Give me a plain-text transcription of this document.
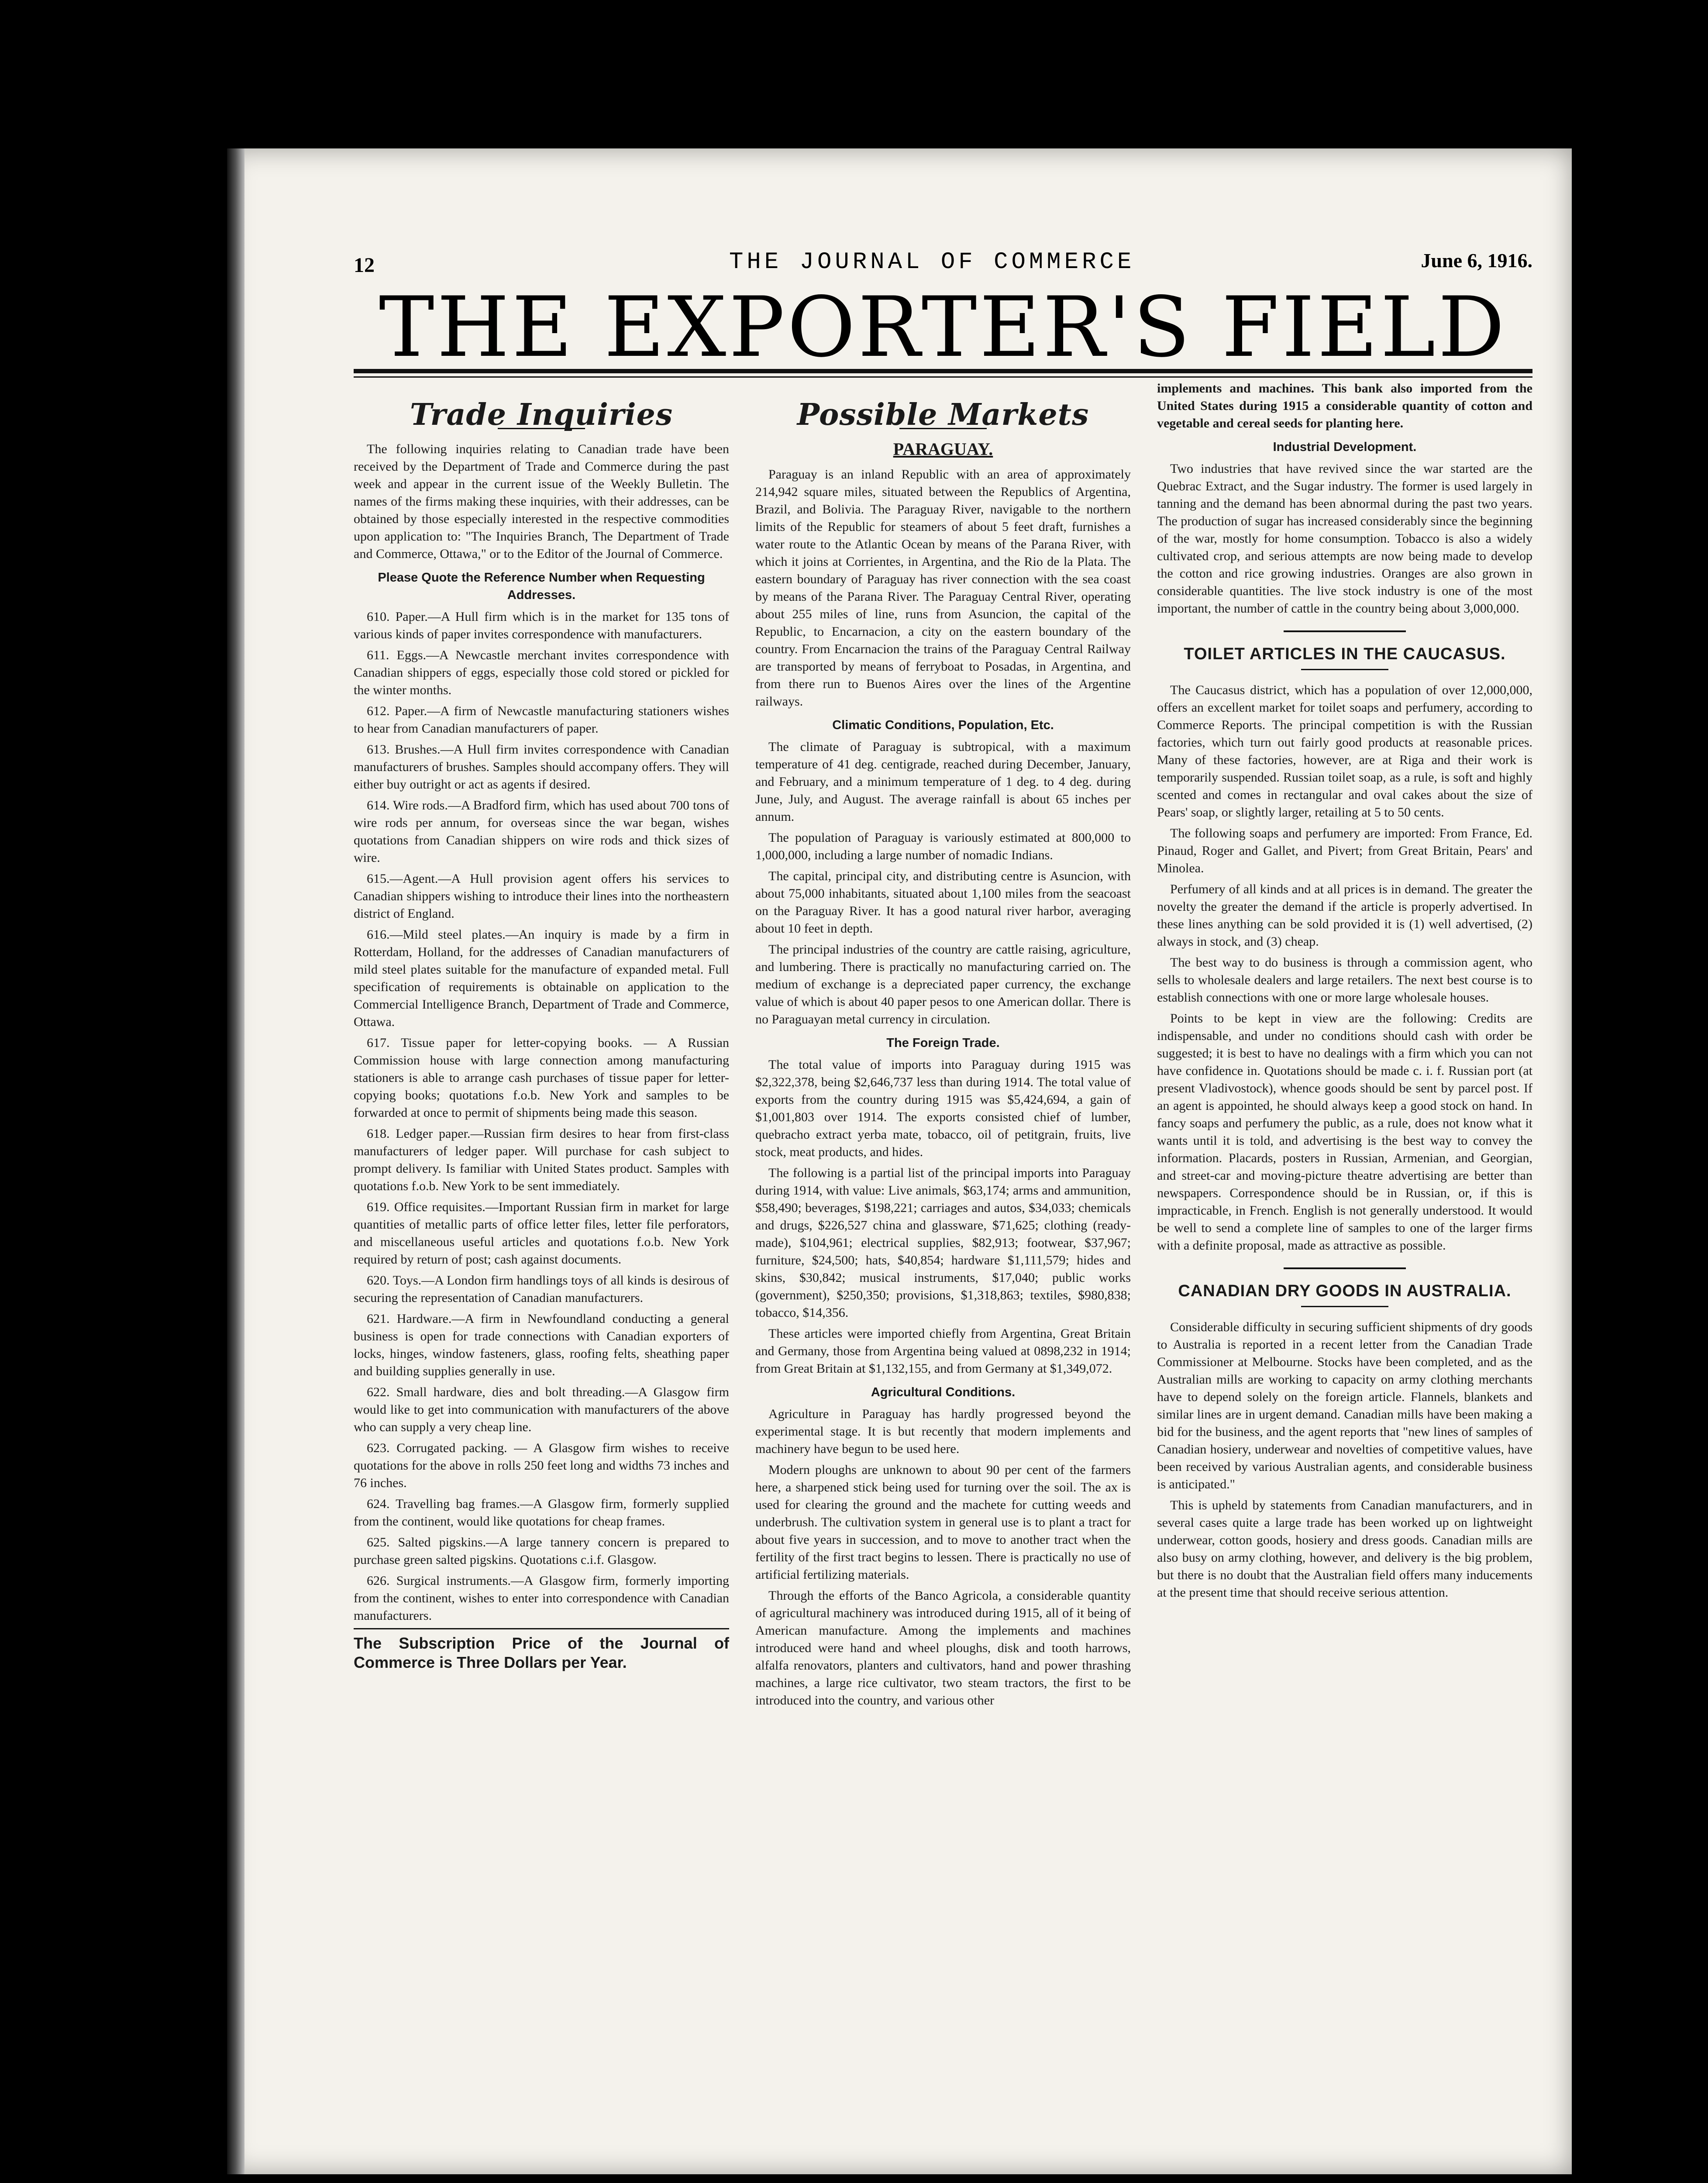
12	THE JOURNAL OF COMMERCE	June 6, 1916.
THE EXPORTER'S FIELD
Trade Inquiries

The following inquiries relating to Canadian trade have been received by the Department of Trade and Commerce during the past week and appear in the current issue of the Weekly Bulletin. The names of the firms making these inquiries, with their addresses, can be obtained by those especially interested in the respective commodities upon application to: "The Inquiries Branch, The Department of Trade and Commerce, Ottawa," or to the Editor of the Journal of Commerce.

Please Quote the Reference Number when Requesting Addresses.

610. Paper.—A Hull firm which is in the market for 135 tons of various kinds of paper invites correspondence with manufacturers.

611. Eggs.—A Newcastle merchant invites correspondence with Canadian shippers of eggs, especially those cold stored or pickled for the winter months.

612. Paper.—A firm of Newcastle manufacturing stationers wishes to hear from Canadian manufacturers of paper.

613. Brushes.—A Hull firm invites correspondence with Canadian manufacturers of brushes. Samples should accompany offers. They will either buy outright or act as agents if desired.

614. Wire rods.—A Bradford firm, which has used about 700 tons of wire rods per annum, for overseas since the war began, wishes quotations from Canadian shippers on wire rods and thick sizes of wire.

615.—Agent.—A Hull provision agent offers his services to Canadian shippers wishing to introduce their lines into the northeastern district of England.

616.—Mild steel plates.—An inquiry is made by a firm in Rotterdam, Holland, for the addresses of Canadian manufacturers of mild steel plates suitable for the manufacture of expanded metal. Full specification of requirements is obtainable on application to the Commercial Intelligence Branch, Department of Trade and Commerce, Ottawa.

617. Tissue paper for letter-copying books. — A Russian Commission house with large connection among manufacturing stationers is able to arrange cash purchases of tissue paper for letter-copying books; quotations f.o.b. New York and samples to be forwarded at once to permit of shipments being made this season.

618. Ledger paper.—Russian firm desires to hear from first-class manufacturers of ledger paper. Will purchase for cash subject to prompt delivery. Is familiar with United States product. Samples with quotations f.o.b. New York to be sent immediately.

619. Office requisites.—Important Russian firm in market for large quantities of metallic parts of office letter files, letter file perforators, and miscellaneous useful articles and quotations f.o.b. New York required by return of post; cash against documents.

620. Toys.—A London firm handlings toys of all kinds is desirous of securing the representation of Canadian manufacturers.

621. Hardware.—A firm in Newfoundland conducting a general business is open for trade connections with Canadian exporters of locks, hinges, window fasteners, glass, roofing felts, sheathing paper and building supplies generally in use.

622. Small hardware, dies and bolt threading.—A Glasgow firm would like to get into communication with manufacturers of the above who can supply a very cheap line.

623. Corrugated packing. — A Glasgow firm wishes to receive quotations for the above in rolls 250 feet long and widths 73 inches and 76 inches.

624. Travelling bag frames.—A Glasgow firm, formerly supplied from the continent, would like quotations for cheap frames.

625. Salted pigskins.—A large tannery concern is prepared to purchase green salted pigskins. Quotations c.i.f. Glasgow.

626. Surgical instruments.—A Glasgow firm, formerly importing from the continent, wishes to enter into correspondence with Canadian manufacturers.

The Subscription Price of the Journal of Commerce is Three Dollars per Year.

Possible Markets
PARAGUAY.

Paraguay is an inland Republic with an area of approximately 214,942 square miles, situated between the Republics of Argentina, Brazil, and Bolivia. The Paraguay River, navigable to the northern limits of the Republic for steamers of about 5 feet draft, furnishes a water route to the Atlantic Ocean by means of the Parana River, with which it joins at Corrientes, in Argentina, and the Rio de la Plata. The eastern boundary of Paraguay has river connection with the sea coast by means of the Parana River. The Paraguay Central River, operating about 255 miles of line, runs from Asuncion, the capital of the Republic, to Encarnacion, a city on the eastern boundary of the country. From Encarnacion the trains of the Paraguay Central Railway are transported by means of ferryboat to Posadas, in Argentina, and from there run to Buenos Aires over the lines of the Argentine railways.

Climatic Conditions, Population, Etc.

The climate of Paraguay is subtropical, with a maximum temperature of 41 deg. centigrade, reached during December, January, and February, and a minimum temperature of 1 deg. to 4 deg. during June, July, and August. The average rainfall is about 65 inches per annum.

The population of Paraguay is variously estimated at 800,000 to 1,000,000, including a large number of nomadic Indians.

The capital, principal city, and distributing centre is Asuncion, with about 75,000 inhabitants, situated about 1,100 miles from the seacoast on the Paraguay River. It has a good natural river harbor, averaging about 10 feet in depth.

The principal industries of the country are cattle raising, agriculture, and lumbering. There is practically no manufacturing carried on. The medium of exchange is a depreciated paper currency, the exchange value of which is about 40 paper pesos to one American dollar. There is no Paraguayan metal currency in circulation.

The Foreign Trade.

The total value of imports into Paraguay during 1915 was $2,322,378, being $2,646,737 less than during 1914. The total value of exports from the country during 1915 was $5,424,694, a gain of $1,001,803 over 1914. The exports consisted chief of lumber, quebracho extract yerba mate, tobacco, oil of petitgrain, fruits, live stock, meat products, and hides.

The following is a partial list of the principal imports into Paraguay during 1914, with value: Live animals, $63,174; arms and ammunition, $58,490; beverages, $198,221; carriages and autos, $34,033; chemicals and drugs, $226,527 china and glassware, $71,625; clothing (ready-made), $104,961; electrical supplies, $82,913; footwear, $37,967; furniture, $24,500; hats, $40,854; hardware $1,111,579; hides and skins, $30,842; musical instruments, $17,040; public works (government), $250,350; provisions, $1,318,863; textiles, $980,838; tobacco, $14,356.

These articles were imported chiefly from Argentina, Great Britain and Germany, those from Argentina being valued at 0898,232 in 1914; from Great Britain at $1,132,155, and from Germany at $1,349,072.

Agricultural Conditions.

Agriculture in Paraguay has hardly progressed beyond the experimental stage. It is but recently that modern implements and machinery have begun to be used here.

Modern ploughs are unknown to about 90 per cent of the farmers here, a sharpened stick being used for turning over the soil. The ax is used for clearing the ground and the machete for cutting weeds and underbrush. The cultivation system in general use is to plant a tract for about five years in succession, and to move to another tract when the fertility of the first tract begins to lessen. There is practically no use of artificial fertilizing materials.

Through the efforts of the Banco Agricola, a considerable quantity of agricultural machinery was introduced during 1915, all of it being of American manufacture. Among the implements and machines introduced were hand and wheel ploughs, disk and tooth harrows, alfalfa renovators, planters and cultivators, hand and power thrashing machines, a large rice cultivator, two steam tractors, the first to be introduced into the country, and various other

implements and machines. This bank also imported from the United States during 1915 a considerable quantity of cotton and vegetable and cereal seeds for planting here.

Industrial Development.

Two industries that have revived since the war started are the Quebrac Extract, and the Sugar industry. The former is used largely in tanning and the demand has been abnormal during the past two years. The production of sugar has increased considerably since the beginning of the war, mostly for home consumption. Tobacco is also a widely cultivated crop, and serious attempts are now being made to develop the cotton and rice growing industries. Oranges are also grown in considerable quantities. The live stock industry is one of the most important, the number of cattle in the country being about 3,000,000.

TOILET ARTICLES IN THE CAUCASUS.

The Caucasus district, which has a population of over 12,000,000, offers an excellent market for toilet soaps and perfumery, according to Commerce Reports. The principal competition is with the Russian factories, which turn out fairly good products at reasonable prices. Many of these factories, however, are at Riga and their work is temporarily suspended. Russian toilet soap, as a rule, is soft and highly scented and comes in rectangular and oval cakes about the size of Pears' soap, or slightly larger, retailing at 5 to 50 cents.

The following soaps and perfumery are imported: From France, Ed. Pinaud, Roger and Gallet, and Pivert; from Great Britain, Pears' and Minolea.

Perfumery of all kinds and at all prices is in demand. The greater the novelty the greater the demand if the article is properly advertised. In these lines anything can be sold provided it is (1) well advertised, (2) always in stock, and (3) cheap.

The best way to do business is through a commission agent, who sells to wholesale dealers and large retailers. The next best course is to establish connections with one or more large wholesale houses.

Points to be kept in view are the following: Credits are indispensable, and under no conditions should cash with order be suggested; it is best to have no dealings with a firm which you can not have confidence in. Quotations should be made c. i. f. Russian port (at present Vladivostock), whence goods should be sent by parcel post. If an agent is appointed, he should always keep a good stock on hand. In fancy soaps and perfumery the public, as a rule, does not know what it wants until it is told, and advertising is the best way to convey the information. Placards, posters in Russian, Armenian, and Georgian, and street-car and moving-picture theatre advertising are better than newspapers. Correspondence should be in Russian, or, if this is impracticable, in French. English is not generally understood. It would be well to send a complete line of samples to one of the larger firms with a definite proposal, made as attractive as possible.

CANADIAN DRY GOODS IN AUSTRALIA.

Considerable difficulty in securing sufficient shipments of dry goods to Australia is reported in a recent letter from the Canadian Trade Commissioner at Melbourne. Stocks have been completed, and as the Australian mills are working to capacity on army clothing merchants have to depend solely on the foreign article. Flannels, blankets and similar lines are in urgent demand. Canadian mills have been making a bid for the business, and the agent reports that "new lines of samples of Canadian hosiery, underwear and novelties of competitive values, have been received by various Australian agents, and considerable business is anticipated."

This is upheld by statements from Canadian manufacturers, and in several cases quite a large trade has been worked up on lightweight underwear, cotton goods, hosiery and dress goods. Canadian mills are also busy on army clothing, however, and delivery is the big problem, but there is no doubt that the Australian field offers many inducements at the present time that should receive serious attention.
